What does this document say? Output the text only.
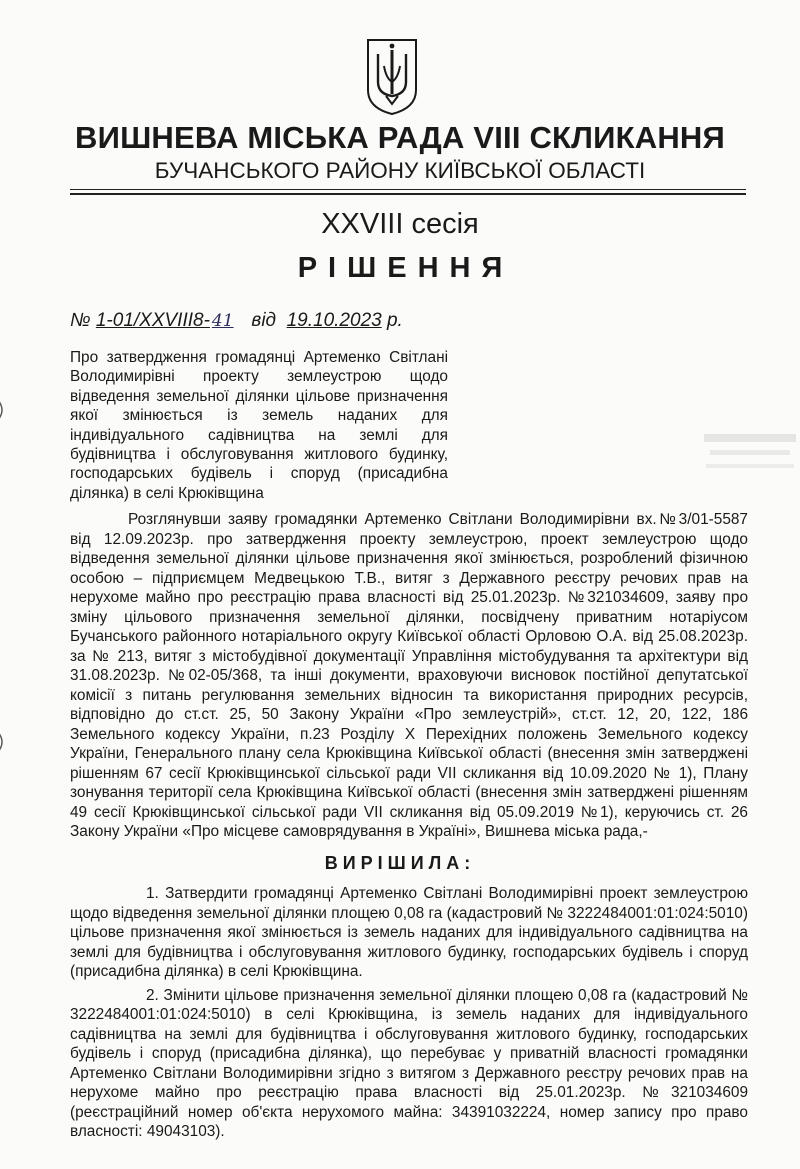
ВИШНЕВА МІСЬКА РАДА VIII СКЛИКАННЯ
БУЧАНСЬКОГО РАЙОНУ КИЇВСЬКОЇ ОБЛАСТІ
XXVIII сесія
РІШЕННЯ
№ 1-01/XXVIII8- 41 від 19.10.2023 р.
Про затвердження громадянці Артеменко Світлані Володимирівні проекту землеустрою щодо відведення земельної ділянки цільове призначення якої змінюється із земель наданих для індивідуального садівництва на землі для будівництва і обслуговування житлового будинку, господарських будівель і споруд (присадибна ділянка) в селі Крюківщина

Розглянувши заяву громадянки Артеменко Світлани Володимирівни вх.№3/01-5587 від 12.09.2023р. про затвердження проекту землеустрою, проект землеустрою щодо відведення земельної ділянки цільове призначення якої змінюється, розроблений фізичною особою – підприємцем Медвецькою Т.В., витяг з Державного реєстру речових прав на нерухоме майно про реєстрацію права власності від 25.01.2023р. №321034609, заяву про зміну цільового призначення земельної ділянки, посвідчену приватним нотаріусом Бучанського районного нотаріального округу Київської області Орловою О.А. від 25.08.2023р. за № 213, витяг з містобудівної документації Управління містобудування та архітектури від 31.08.2023р. №02-05/368, та інші документи, враховуючи висновок постійної депутатської комісії з питань регулювання земельних відносин та використання природних ресурсів, відповідно до ст.ст. 25, 50 Закону України «Про землеустрій», ст.ст. 12, 20, 122, 186 Земельного кодексу України, п.23 Розділу Х Перехідних положень Земельного кодексу України, Генерального плану села Крюківщина Київської області (внесення змін затверджені рішенням 67 сесії Крюківщинської сільської ради VII скликання від 10.09.2020 № 1), Плану зонування території села Крюківщина Київської області (внесення змін затверджені рішенням 49 сесії Крюківщинської сільської ради VII скликання від 05.09.2019 №1), керуючись ст. 26 Закону України «Про місцеве самоврядування в Україні», Вишнева міська рада,-

ВИРІШИЛА:

1. Затвердити громадянці Артеменко Світлані Володимирівні проект землеустрою щодо відведення земельної ділянки площею 0,08 га (кадастровий № 3222484001:01:024:5010) цільове призначення якої змінюється із земель наданих для індивідуального садівництва на землі для будівництва і обслуговування житлового будинку, господарських будівель і споруд (присадибна ділянка) в селі Крюківщина.

2. Змінити цільове призначення земельної ділянки площею 0,08 га (кадастровий № 3222484001:01:024:5010) в селі Крюківщина, із земель наданих для індивідуального садівництва на землі для будівництва і обслуговування житлового будинку, господарських будівель і споруд (присадибна ділянка), що перебуває у приватній власності громадянки Артеменко Світлани Володимирівни згідно з витягом з Державного реєстру речових прав на нерухоме майно про реєстрацію права власності від 25.01.2023р. №321034609 (реєстраційний номер об'єкта нерухомого майна: 34391032224, номер запису про право власності: 49043103).
